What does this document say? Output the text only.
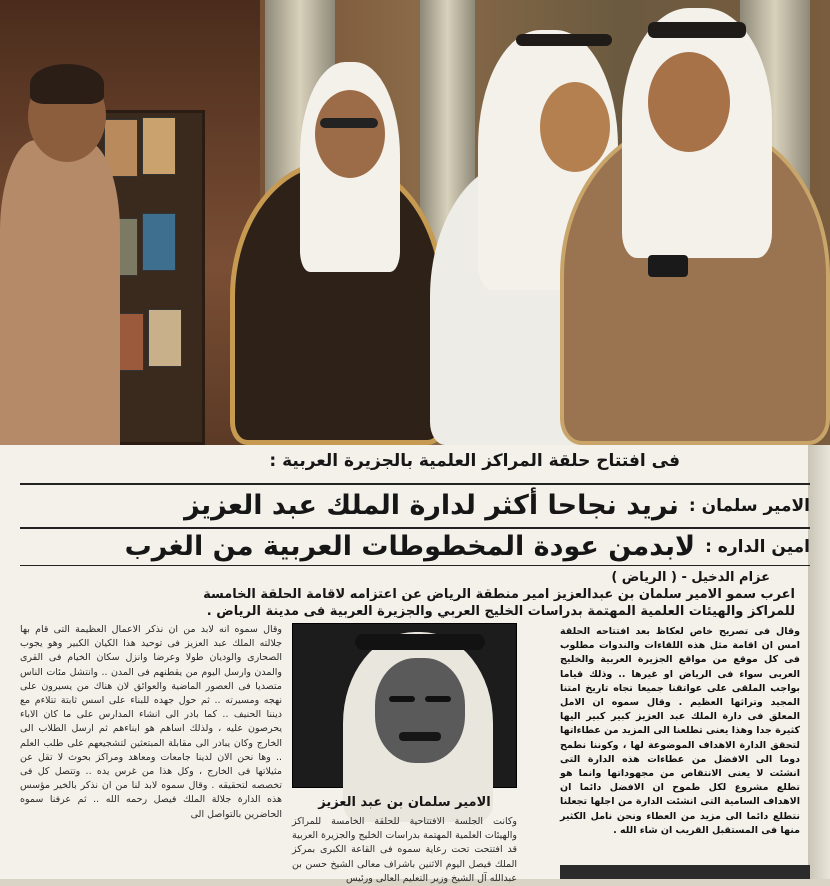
فى افتتاح حلقة المراكز العلمية بالجزيرة العربية :
الامير سلمان :
نريد نجاحا أكثر لدارة الملك عبد العزيز
امين الداره :
لابدمن عودة المخطوطات العربية من الغرب
عزام الدخيل - ( الرياض )
اعرب سمو الامير سلمان بن عبدالعزيز امير منطقة الرياض عن اعتزامه لاقامة الحلقة الخامسة
للمراكز والهيئات العلمية المهتمة بدراسات الخليج العربي والجزيرة العربية فى مدينة الرياض .

وقال فى تصريح خاص لعكاظ بعد افتتاحه الحلقة امس ان اقامة مثل هذه اللقاءات والندوات مطلوب فى كل موقع من مواقع الجزيرة العربية والخليج العربى سواء فى الرياض او غيرها .. وذلك قياما بواجب الملقى على عواتقنا جميعا تجاه تاريخ امتنا المجيد وتراثها العظيم . وقال سموه ان الامل المعلق فى دارة الملك عبد العزيز كبير كبير اليها كثيرة جدا وهذا يعنى تطلعنا الى المزيد من عطاءاتها لتحقق الدارة الاهداف الموضوعة لها ، وكوننا نطمح دوما الى الافضل من عطاءات هذه الدارة التى انشئت لا يعنى الانتقاص من مجهوداتها وانما هو تطلع مشروع لكل طموح ان الافضل دائما ان الاهداف السامية التى انشئت الدارة من اجلها تجعلنا نتطلع دائما الى مزيد من العطاء ونحن نامل الكثير منها فى المستقبل القريب ان شاء الله .

الامير سلمان بن عبد العزيز

وكانت الجلسة الافتتاحية للحلقة الخامسة للمراكز والهيئات العلمية المهتمة بدراسات الخليج والجزيرة العربية قد افتتحت تحت رعاية سموه فى القاعة الكبرى بمركز الملك فيصل اليوم الاثنين باشراف معالى الشيخ حسن بن عبدالله آل الشيخ وزير التعليم العالى ورئيس

وقال سموه انه لابد من ان نذكر الاعمال العظيمة التى قام بها جلالته الملك عبد العزيز فى توحيد هذا الكيان الكبير وهو يجوب الصحارى والوديان طولا وعرضا وانزل سكان الخيام فى القرى والمدن وارسل اليوم من يقطنهم فى المدن .. وانتشل مئات الناس متصديا فى العصور الماضية والعوائق لان هناك من يسيرون على نهجه ومسيرته .. ثم حول جهده للبناء على اسس ثابتة تتلاءم مع ديننا الحنيف .. كما بادر الى انشاء المدارس على ما كان الاباء يحرصون عليه ، ولذلك اساهم هو ابناءهم ثم ارسل الطلاب الى الخارج وكان يبادر الى مقابلة المبتعثين لتشجيعهم على طلب العلم .. وها نحن الان لدينا جامعات ومعاهد ومراكز بحوث لا تقل عن مثيلاتها فى الخارج ، وكل هذا من غرس يده .. وتتصل كل فى تخصصه لتحقيقه . وقال سموه لابد لنا من ان نذكر بالخير مؤسس هذه الدارة جلالة الملك فيصل رحمه الله .. ثم عرفنا سموه الحاضرين بالتواصل الى
